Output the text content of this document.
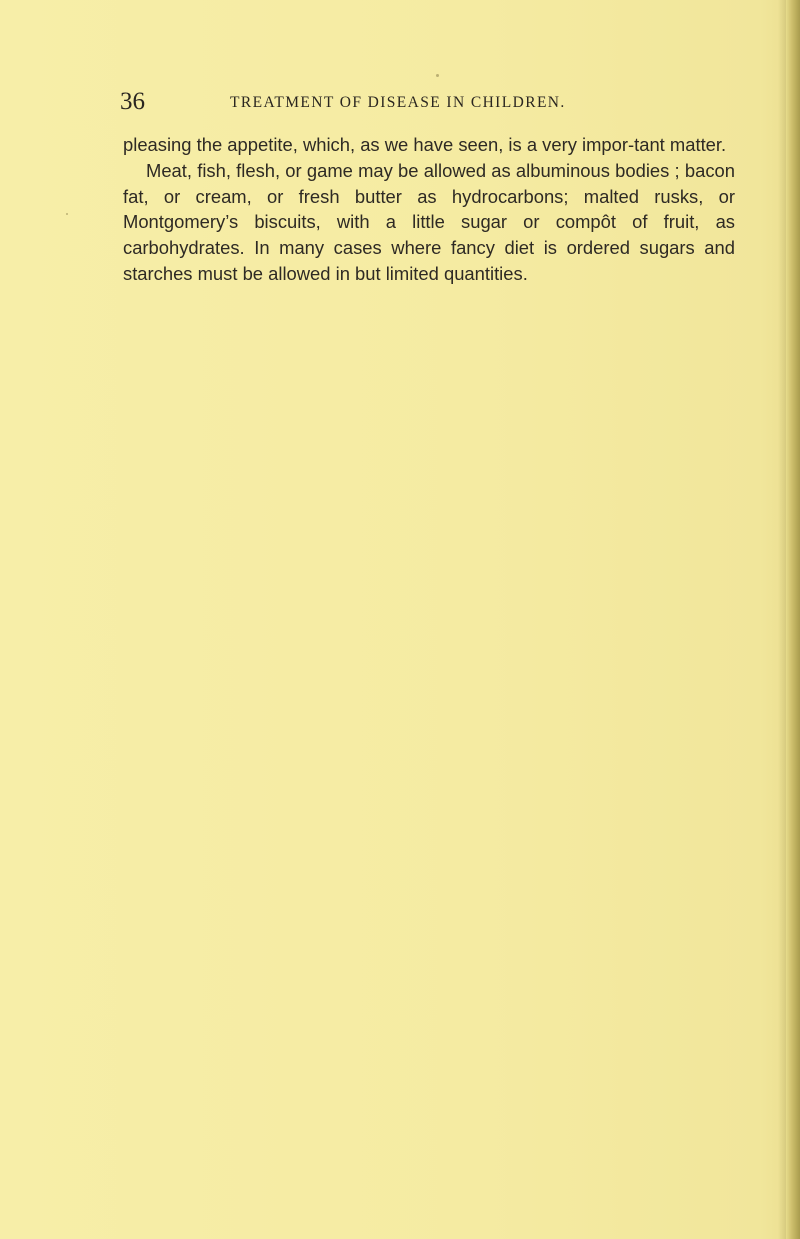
36	TREATMENT OF DISEASE IN CHILDREN.

pleasing the appetite, which, as we have seen, is a very impor-tant matter.

Meat, fish, flesh, or game may be allowed as albuminous bodies ; bacon fat, or cream, or fresh butter as hydrocarbons; malted rusks, or Montgomery’s biscuits, with a little sugar or compôt of fruit, as carbohydrates. In many cases where fancy diet is ordered sugars and starches must be allowed in but limited quantities.
